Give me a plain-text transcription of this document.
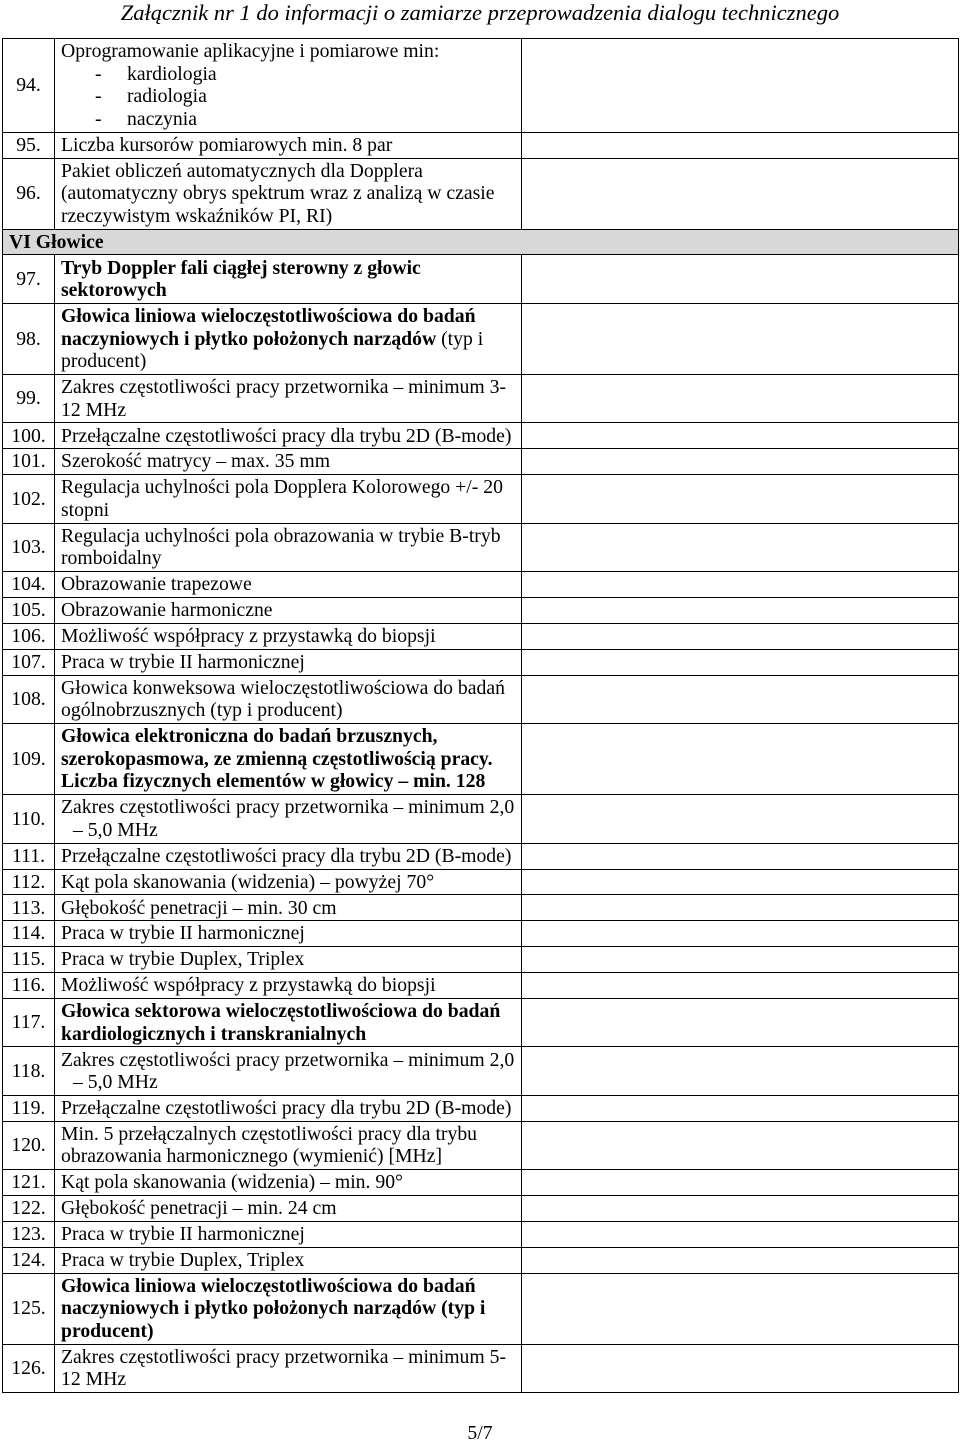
Załącznik nr 1 do informacji o zamiarze przeprowadzenia dialogu technicznego
94.	Oprogramowanie aplikacyjne i pomiarowe min:
- kardiologia
- radiologia
- naczynia	

95.	Liczba kursorów pomiarowych min. 8 par	

96.	Pakiet obliczeń automatycznych dla Dopplera
(automatyczny obrys spektrum wraz z analizą w czasie
rzeczywistym wskaźników PI, RI)	

VI Głowice		
97.	Tryb Doppler fali ciągłej sterowny z głowic
sektorowych	

98.	Głowica liniowa wieloczęstotliwościowa do badań
naczyniowych i płytko położonych narządów (typ i
producent)	

99.	Zakres częstotliwości pracy przetwornika – minimum 3-
12 MHz	

100.	Przełączalne częstotliwości pracy dla trybu 2D (B-mode)	

101.	Szerokość matrycy – max. 35 mm	

102.	Regulacja uchylności pola Dopplera Kolorowego +/- 20
stopni	

103.	Regulacja uchylności pola obrazowania w trybie B-tryb
romboidalny	

104.	Obrazowanie trapezowe	

105.	Obrazowanie harmoniczne	

106.	Możliwość współpracy z przystawką do biopsji	

107.	Praca w trybie II harmonicznej	

108.	Głowica konweksowa wieloczęstotliwościowa do badań
ogólnobrzusznych (typ i producent)	

109.	Głowica elektroniczna do badań brzusznych,
szerokopasmowa, ze zmienną częstotliwością pracy.
Liczba fizycznych elementów w głowicy – min. 128	

110.	Zakres częstotliwości pracy przetwornika – minimum 2,0
– 5,0 MHz	

111.	Przełączalne częstotliwości pracy dla trybu 2D (B-mode)	

112.	Kąt pola skanowania (widzenia) – powyżej 70°	

113.	Głębokość penetracji – min. 30 cm	

114.	Praca w trybie II harmonicznej	

115.	Praca w trybie Duplex, Triplex	

116.	Możliwość współpracy z przystawką do biopsji	

117.	Głowica sektorowa wieloczęstotliwościowa do badań
kardiologicznych i transkranialnych	

118.	Zakres częstotliwości pracy przetwornika – minimum 2,0
– 5,0 MHz	

119.	Przełączalne częstotliwości pracy dla trybu 2D (B-mode)	

120.	Min. 5 przełączalnych częstotliwości pracy dla trybu
obrazowania harmonicznego (wymienić) [MHz]	

121.	Kąt pola skanowania (widzenia) – min. 90°	

122.	Głębokość penetracji – min. 24 cm	

123.	Praca w trybie II harmonicznej	

124.	Praca w trybie Duplex, Triplex	

125.	Głowica liniowa wieloczęstotliwościowa do badań
naczyniowych i płytko położonych narządów (typ i
producent)	

126.	Zakres częstotliwości pracy przetwornika – minimum 5-
12 MHz	

5/7
